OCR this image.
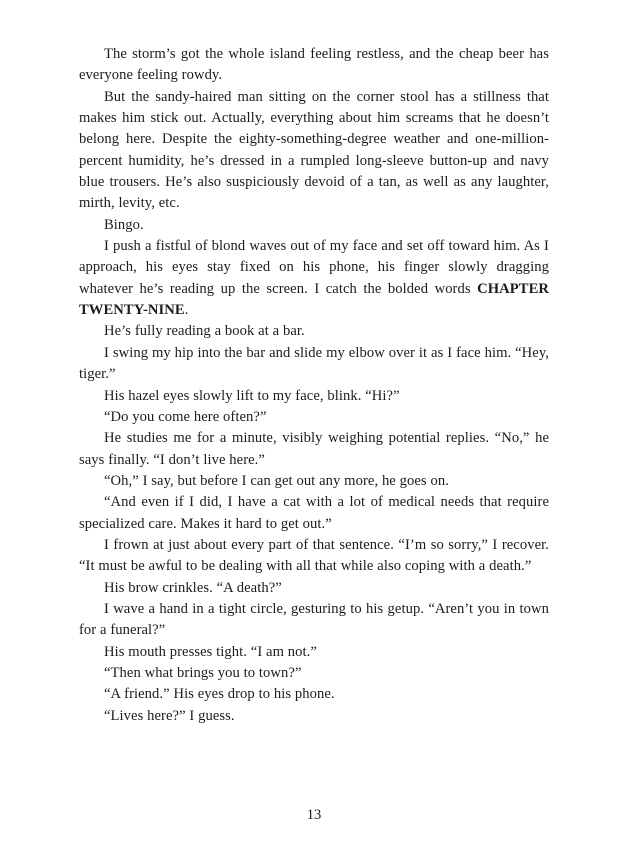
The storm’s got the whole island feeling restless, and the cheap beer has everyone feeling rowdy.

But the sandy-haired man sitting on the corner stool has a stillness that makes him stick out. Actually, everything about him screams that he doesn’t belong here. Despite the eighty-something-degree weather and one-million-percent humidity, he’s dressed in a rumpled long-sleeve button-up and navy blue trousers. He’s also suspiciously devoid of a tan, as well as any laughter, mirth, levity, etc.

Bingo.

I push a fistful of blond waves out of my face and set off toward him. As I approach, his eyes stay fixed on his phone, his finger slowly dragging whatever he’s reading up the screen. I catch the bolded words CHAPTER TWENTY-NINE.

He’s fully reading a book at a bar.

I swing my hip into the bar and slide my elbow over it as I face him. “Hey, tiger.”

His hazel eyes slowly lift to my face, blink. “Hi?”

“Do you come here often?”

He studies me for a minute, visibly weighing potential replies. “No,” he says finally. “I don’t live here.”

“Oh,” I say, but before I can get out any more, he goes on.

“And even if I did, I have a cat with a lot of medical needs that require specialized care. Makes it hard to get out.”

I frown at just about every part of that sentence. “I’m so sorry,” I recover. “It must be awful to be dealing with all that while also coping with a death.”

His brow crinkles. “A death?”

I wave a hand in a tight circle, gesturing to his getup. “Aren’t you in town for a funeral?”

His mouth presses tight. “I am not.”

“Then what brings you to town?”

“A friend.” His eyes drop to his phone.

“Lives here?” I guess.

13
